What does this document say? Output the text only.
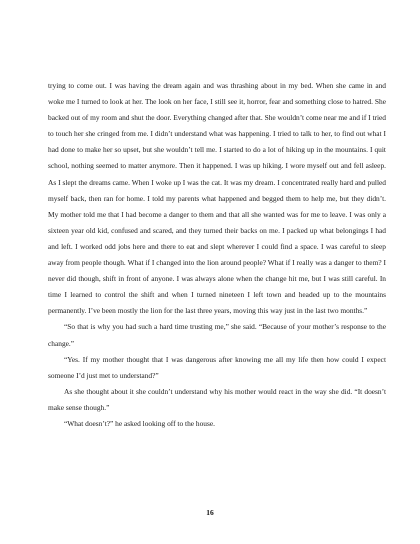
trying to come out. I was having the dream again and was thrashing about in my bed. When she came in and woke me I turned to look at her. The look on her face, I still see it, horror, fear and something close to hatred. She backed out of my room and shut the door. Everything changed after that. She wouldn’t come near me and if I tried to touch her she cringed from me. I didn’t understand what was happening. I tried to talk to her, to find out what I had done to make her so upset, but she wouldn’t tell me. I started to do a lot of hiking up in the mountains. I quit school, nothing seemed to matter anymore. Then it happened. I was up hiking. I wore myself out and fell asleep. As I slept the dreams came. When I woke up I was the cat. It was my dream. I concentrated really hard and pulled myself back, then ran for home. I told my parents what happened and begged them to help me, but they didn’t. My mother told me that I had become a danger to them and that all she wanted was for me to leave. I was only a sixteen year old kid, confused and scared, and they turned their backs on me. I packed up what belongings I had and left. I worked odd jobs here and there to eat and slept wherever I could find a space. I was careful to sleep away from people though. What if I changed into the lion around people? What if I really was a danger to them? I never did though, shift in front of anyone. I was always alone when the change hit me, but I was still careful. In time I learned to control the shift and when I turned nineteen I left town and headed up to the mountains permanently. I’ve been mostly the lion for the last three years, moving this way just in the last two months.”

“So that is why you had such a hard time trusting me,” she said. “Because of your mother’s response to the change.”

“Yes. If my mother thought that I was dangerous after knowing me all my life then how could I expect someone I’d just met to understand?”

As she thought about it she couldn’t understand why his mother would react in the way she did. “It doesn’t make sense though.”

“What doesn’t?” he asked looking off to the house.

16
